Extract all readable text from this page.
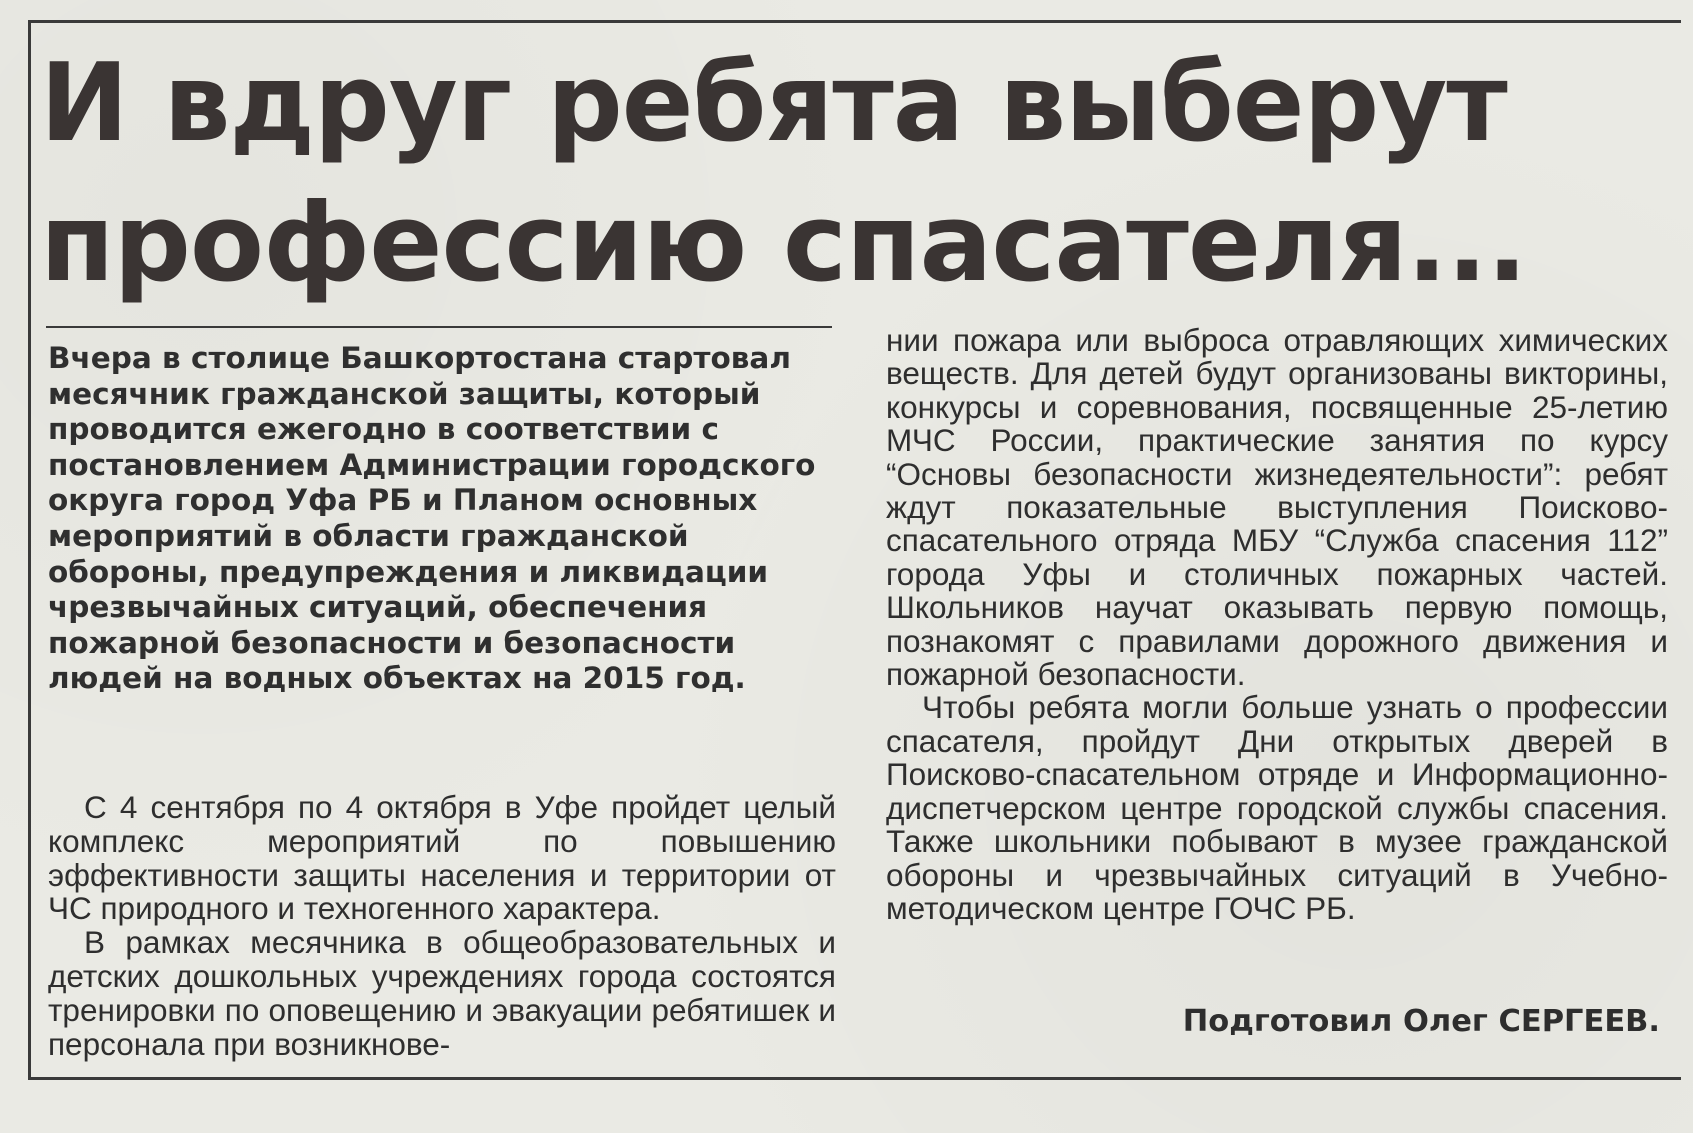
И вдруг ребята выберут
профессию спасателя...

Вчера в столице Башкортостана стартовал месячник гражданской защиты, который проводится ежегодно в соответствии с постановлением Администрации городского округа город Уфа РБ и Планом основных мероприятий в области гражданской обороны, предупреждения и ликвидации чрезвычайных ситуаций, обеспечения пожарной безопасности и безопасности людей на водных объектах на 2015 год.

С 4 сентября по 4 октября в Уфе пройдет целый комплекс мероприятий по повышению эффективности защиты населения и территории от ЧС природного и техногенного характера.

В рамках месячника в общеобразовательных и детских дошкольных учреждениях города состоятся тренировки по оповещению и эвакуации ребятишек и персонала при возникнове-

нии пожара или выброса отравляющих химических веществ. Для детей будут организованы викторины, конкурсы и соревнования, посвященные 25-летию МЧС России, практические занятия по курсу “Основы безопасности жизнедеятельности”: ребят ждут показательные выступления Поисково-спасательного отряда МБУ “Служба спасения 112” города Уфы и столичных пожарных частей. Школьников научат оказывать первую помощь, познакомят с правилами дорожного движения и пожарной безопасности.

Чтобы ребята могли больше узнать о профессии спасателя, пройдут Дни открытых дверей в Поисково-спасательном отряде и Информационно-диспетчерском центре городской службы спасения. Также школьники побывают в музее гражданской обороны и чрезвычайных ситуаций в Учебно-методическом центре ГОЧС РБ.

Подготовил Олег СЕРГЕЕВ.
